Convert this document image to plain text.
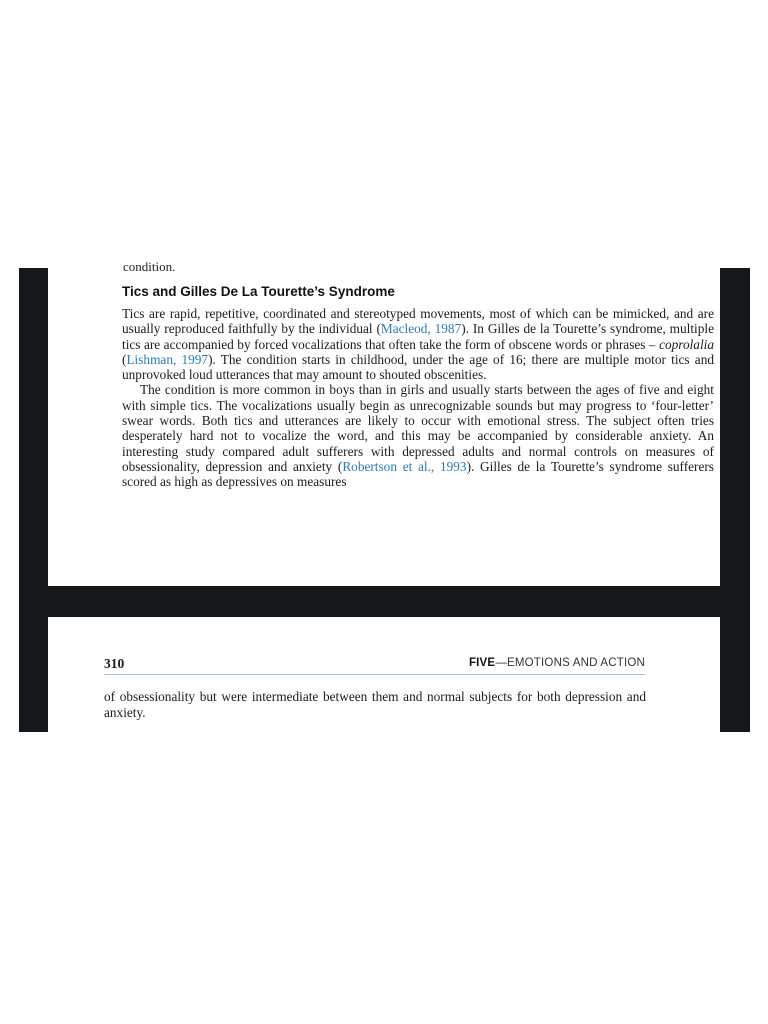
condition.
Tics and Gilles De La Tourette’s Syndrome

Tics are rapid, repetitive, coordinated and stereotyped movements, most of which can be mimicked, and are usually reproduced faithfully by the individual (Macleod, 1987). In Gilles de la Tourette’s syndrome, multiple tics are accompanied by forced vocalizations that often take the form of obscene words or phrases – coprolalia (Lishman, 1997). The condition starts in childhood, under the age of 16; there are multiple motor tics and unprovoked loud utterances that may amount to shouted obscenities.

The condition is more common in boys than in girls and usually starts between the ages of five and eight with simple tics. The vocalizations usually begin as unrecognizable sounds but may progress to ‘four-letter’ swear words. Both tics and utterances are likely to occur with emotional stress. The subject often tries desperately hard not to vocalize the word, and this may be accompanied by considerable anxiety. An interesting study compared adult sufferers with depressed adults and normal controls on measures of obsessionality, depression and anxiety (Robertson et al., 1993). Gilles de la Tourette’s syndrome sufferers scored as high as depressives on measures

310	FIVE—EMOTIONS AND ACTION

of obsessionality but were intermediate between them and normal subjects for both depression and anxiety.
